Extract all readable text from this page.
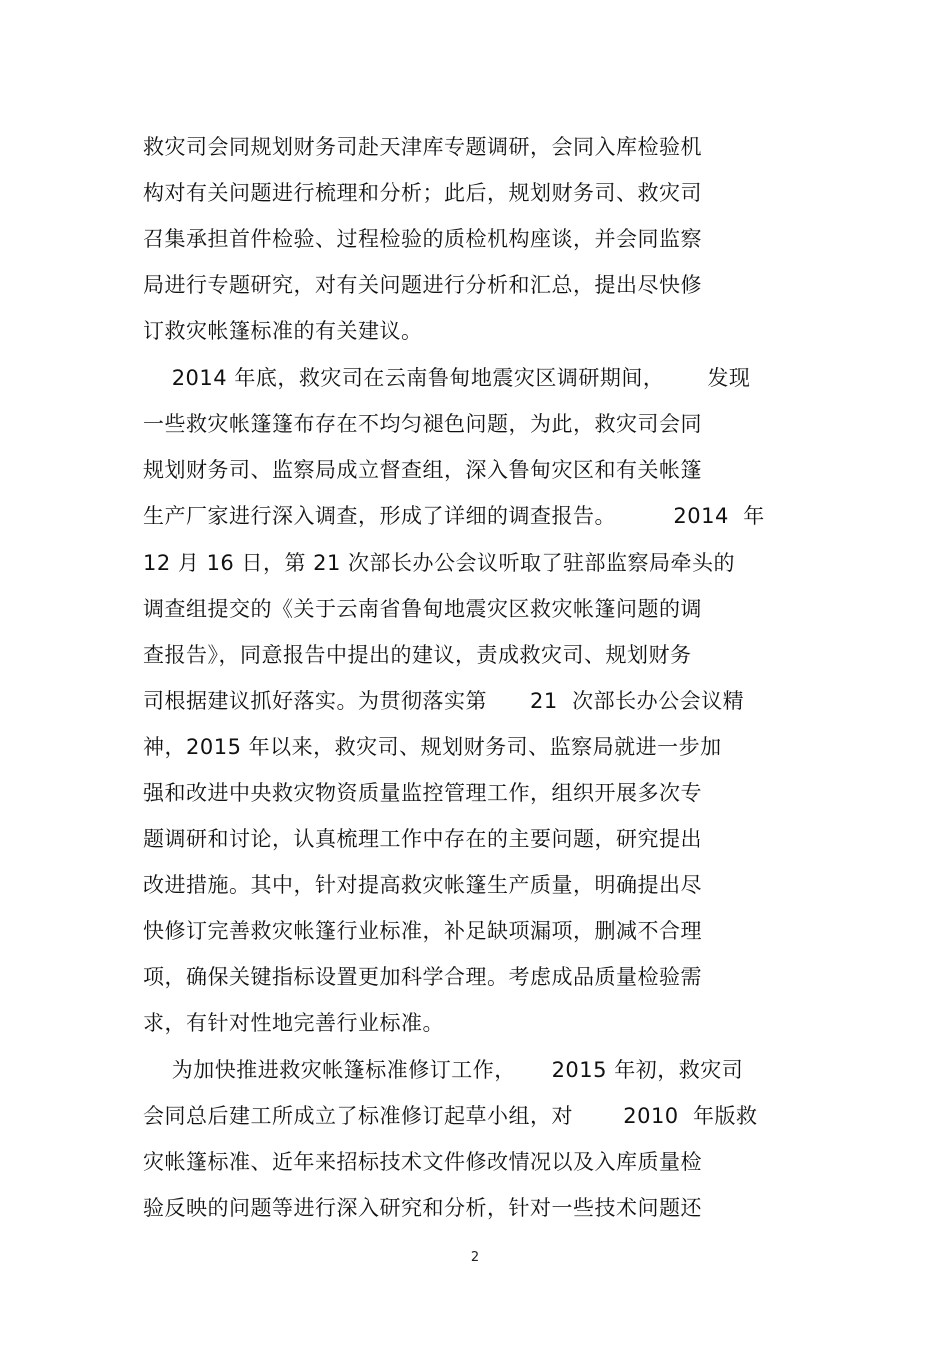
救灾司会同规划财务司赴天津库专题调研，会同入库检验机
构对有关问题进行梳理和分析；此后，规划财务司、救灾司
召集承担首件检验、过程检验的质检机构座谈，并会同监察
局进行专题研究，对有关问题进行分析和汇总，提出尽快修
订救灾帐篷标准的有关建议。
2014 年底，救灾司在云南鲁甸地震灾区调研期间，      发现
一些救灾帐篷篷布存在不均匀褪色问题，为此，救灾司会同
规划财务司、监察局成立督查组，深入鲁甸灾区和有关帐篷
生产厂家进行深入调查，形成了详细的调查报告。        2014  年
12 月 16 日，第 21 次部长办公会议听取了驻部监察局牵头的
调查组提交的《关于云南省鲁甸地震灾区救灾帐篷问题的调
查报告》，同意报告中提出的建议，责成救灾司、规划财务
司根据建议抓好落实。为贯彻落实第      21  次部长办公会议精
神，2015 年以来，救灾司、规划财务司、监察局就进一步加
强和改进中央救灾物资质量监控管理工作，组织开展多次专
题调研和讨论，认真梳理工作中存在的主要问题，研究提出
改进措施。其中，针对提高救灾帐篷生产质量，明确提出尽
快修订完善救灾帐篷行业标准，补足缺项漏项，删减不合理
项，确保关键指标设置更加科学合理。考虑成品质量检验需
求，有针对性地完善行业标准。
为加快推进救灾帐篷标准修订工作，     2015 年初，救灾司
会同总后建工所成立了标准修订起草小组，对       2010  年版救
灾帐篷标准、近年来招标技术文件修改情况以及入库质量检
验反映的问题等进行深入研究和分析，针对一些技术问题还
2
